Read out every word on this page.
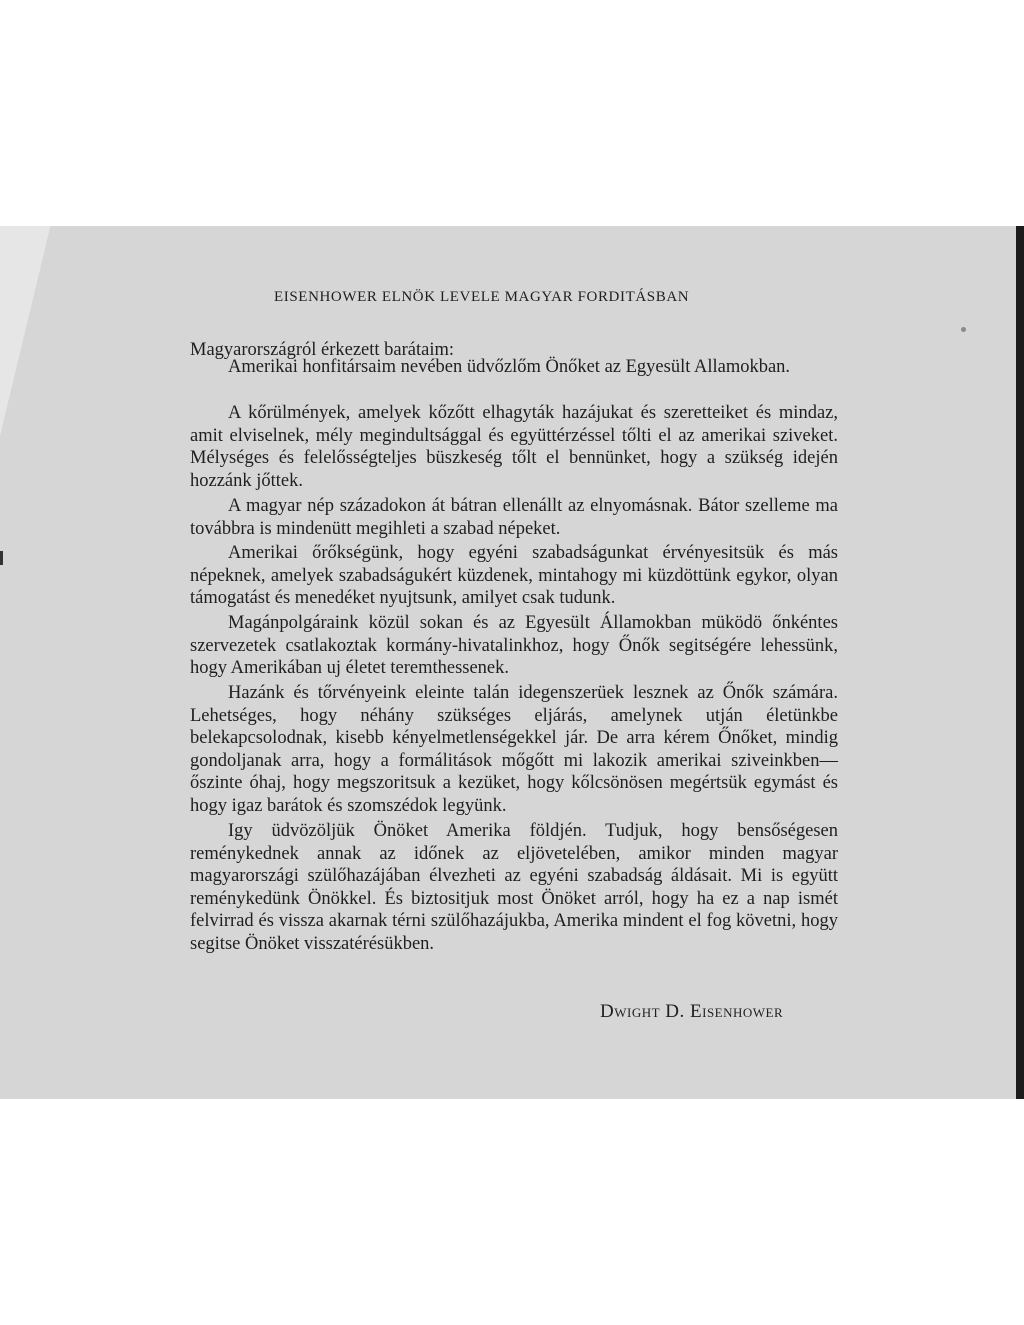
EISENHOWER ELNÖK LEVELE MAGYAR FORDITÁSBAN
Magyarországról érkezett barátaim:

Amerikai honfitársaim nevében üdvőzlőm Önőket az Egyesült Allamokban.

A kőrülmények, amelyek kőzőtt elhagyták hazájukat és szeretteiket és mindaz, amit elviselnek, mély megindultsággal és együttérzéssel tőlti el az amerikai sziveket. Mélységes és felelősségteljes büszkeség tőlt el bennünket, hogy a szükség idején hozzánk jőttek.

A magyar nép századokon át bátran ellenállt az elnyomásnak. Bátor szelleme ma továbbra is mindenütt megihleti a szabad népeket.

Amerikai őrőkségünk, hogy egyéni szabadságunkat érvényesitsük és más népeknek, amelyek szabadságukért küzdenek, mintahogy mi küzdöttünk egykor, olyan támogatást és menedéket nyujtsunk, amilyet csak tudunk.

Magánpolgáraink közül sokan és az Egyesült Államokban müködö őnkéntes szervezetek csatlakoztak kormány-hivatalinkhoz, hogy Őnők segitségére lehessünk, hogy Amerikában uj életet teremthessenek.

Hazánk és tőrvényeink eleinte talán idegenszerüek lesznek az Őnők számára. Lehetséges, hogy néhány szükséges eljárás, amelynek utján életünkbe belekapcsolodnak, kisebb kényelmetlenségekkel jár. De arra kérem Őnőket, mindig gondoljanak arra, hogy a formálitások mőgőtt mi lakozik amerikai sziveinkben—őszinte óhaj, hogy megszoritsuk a kezüket, hogy kőlcsönösen megértsük egymást és hogy igaz barátok és szomszédok legyünk.

Igy üdvözöljük Önöket Amerika földjén. Tudjuk, hogy bensőségesen reménykednek annak az időnek az eljövetelében, amikor minden magyar magyarországi szülőhazájában élvezheti az egyéni szabadság áldásait. Mi is együtt reménykedünk Önökkel. És biztositjuk most Önöket arról, hogy ha ez a nap ismét felvirrad és vissza akarnak térni szülőhazájukba, Amerika mindent el fog követni, hogy segitse Önöket visszatérésükben.

Dwight D. Eisenhower
